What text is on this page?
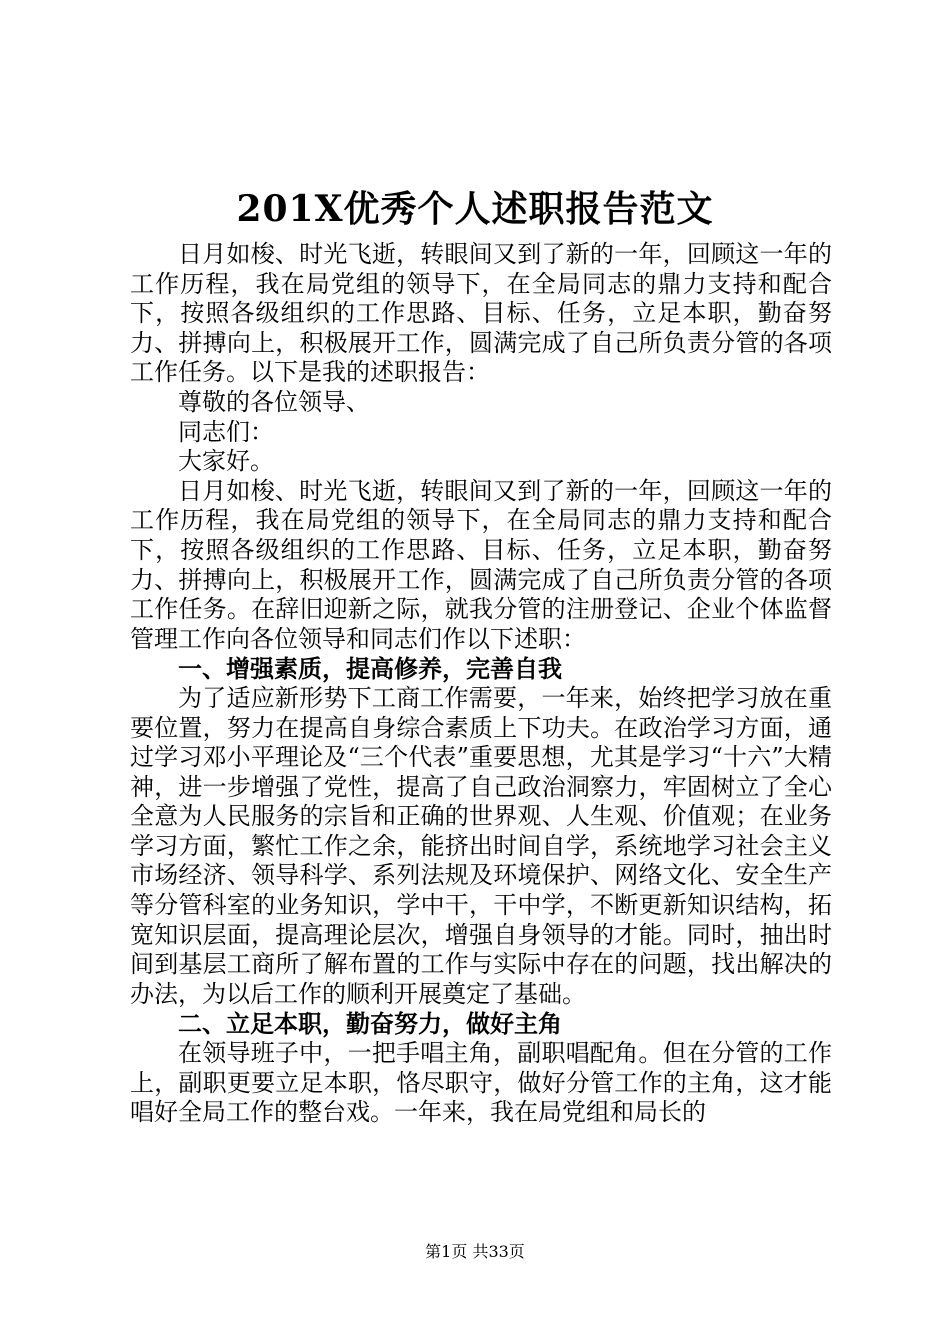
201X优秀个人述职报告范文

日月如梭、时光飞逝，转眼间又到了新的一年，回顾这一年的工作历程，我在局党组的领导下，在全局同志的鼎力支持和配合下，按照各级组织的工作思路、目标、任务，立足本职，勤奋努力、拼搏向上，积极展开工作，圆满完成了自己所负责分管的各项工作任务。以下是我的述职报告：

尊敬的各位领导、

同志们：

大家好。

日月如梭、时光飞逝，转眼间又到了新的一年，回顾这一年的工作历程，我在局党组的领导下，在全局同志的鼎力支持和配合下，按照各级组织的工作思路、目标、任务，立足本职，勤奋努力、拼搏向上，积极展开工作，圆满完成了自己所负责分管的各项工作任务。在辞旧迎新之际，就我分管的注册登记、企业个体监督管理工作向各位领导和同志们作以下述职：

一、增强素质，提高修养，完善自我

为了适应新形势下工商工作需要，一年来，始终把学习放在重要位置，努力在提高自身综合素质上下功夫。在政治学习方面，通过学习邓小平理论及“三个代表”重要思想，尤其是学习“十六”大精神，进一步增强了党性，提高了自己政治洞察力，牢固树立了全心全意为人民服务的宗旨和正确的世界观、人生观、价值观；在业务学习方面，繁忙工作之余，能挤出时间自学，系统地学习社会主义市场经济、领导科学、系列法规及环境保护、网络文化、安全生产等分管科室的业务知识，学中干，干中学，不断更新知识结构，拓宽知识层面，提高理论层次，增强自身领导的才能。同时，抽出时间到基层工商所了解布置的工作与实际中存在的问题，找出解决的办法，为以后工作的顺利开展奠定了基础。

二、立足本职，勤奋努力，做好主角

在领导班子中，一把手唱主角，副职唱配角。但在分管的工作上，副职更要立足本职，恪尽职守，做好分管工作的主角，这才能唱好全局工作的整台戏。一年来，我在局党组和局长的

第1页 共33页
